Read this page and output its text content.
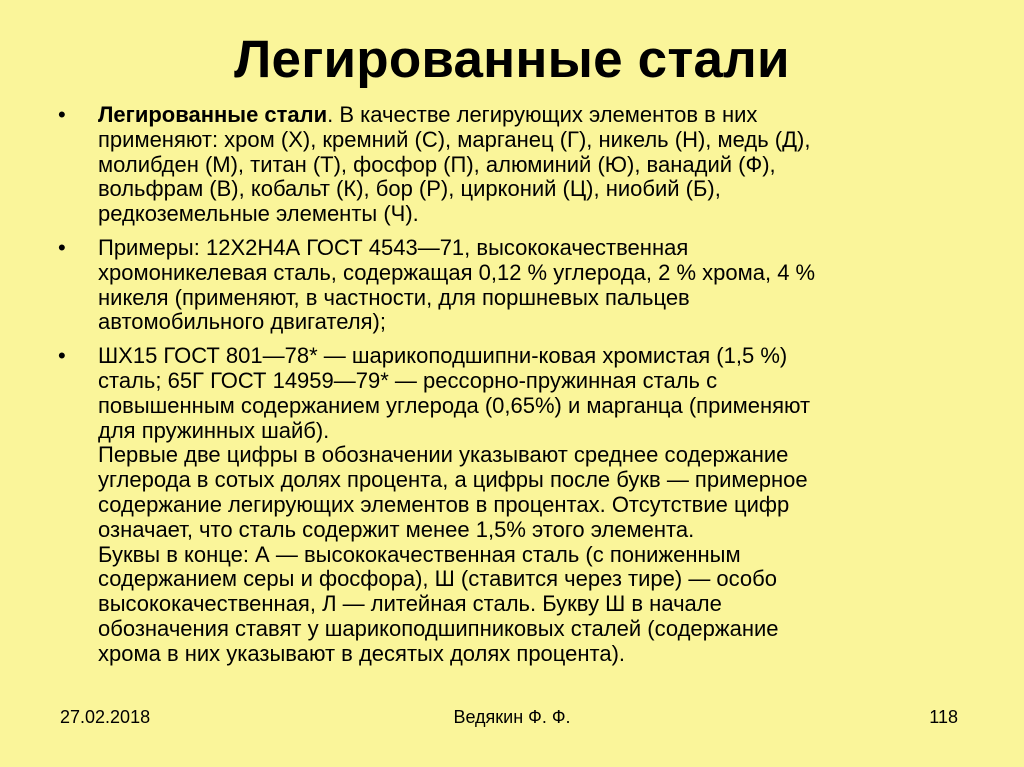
Легированные стали
•	Легированные стали. В качестве легирующих элементов в них
применяют: хром (Х), кремний (С), марганец (Г), никель (Н), медь (Д),
молибден (М), титан (Т), фосфор (П), алюминий (Ю), ванадий (Ф),
вольфрам (В), кобальт (К), бор (Р), цирконий (Ц), ниобий (Б),
редкоземельные элементы (Ч).
•	Примеры: 12Х2Н4А ГОСТ 4543—71, высококачественная
хромоникелевая сталь, содержащая 0,12 % углерода, 2 % хрома, 4 %
никеля (применяют, в частности, для поршневых пальцев
автомобильного двигателя);
•	ШХ15 ГОСТ 801—78* — шарикоподшипни-ковая хромистая (1,5 %)
сталь; 65Г ГОСТ 14959—79* — рессорно-пружинная сталь с
повышенным содержанием углерода (0,65%) и марганца (применяют
для пружинных шайб).
Первые две цифры в обозначении указывают среднее содержание
углерода в сотых долях процента, а цифры после букв — примерное
содержание легирующих элементов в процентах. Отсутствие цифр
означает, что сталь содержит менее 1,5% этого элемента.
Буквы в конце: А — высококачественная сталь (с пониженным
содержанием серы и фосфора), Ш (ставится через тире) — особо
высококачественная, Л — литейная сталь. Букву Ш в начале
обозначения ставят у шарикоподшипниковых сталей (содержание
хрома в них указывают в десятых долях процента).
27.02.2018	Ведякин Ф. Ф.	118
